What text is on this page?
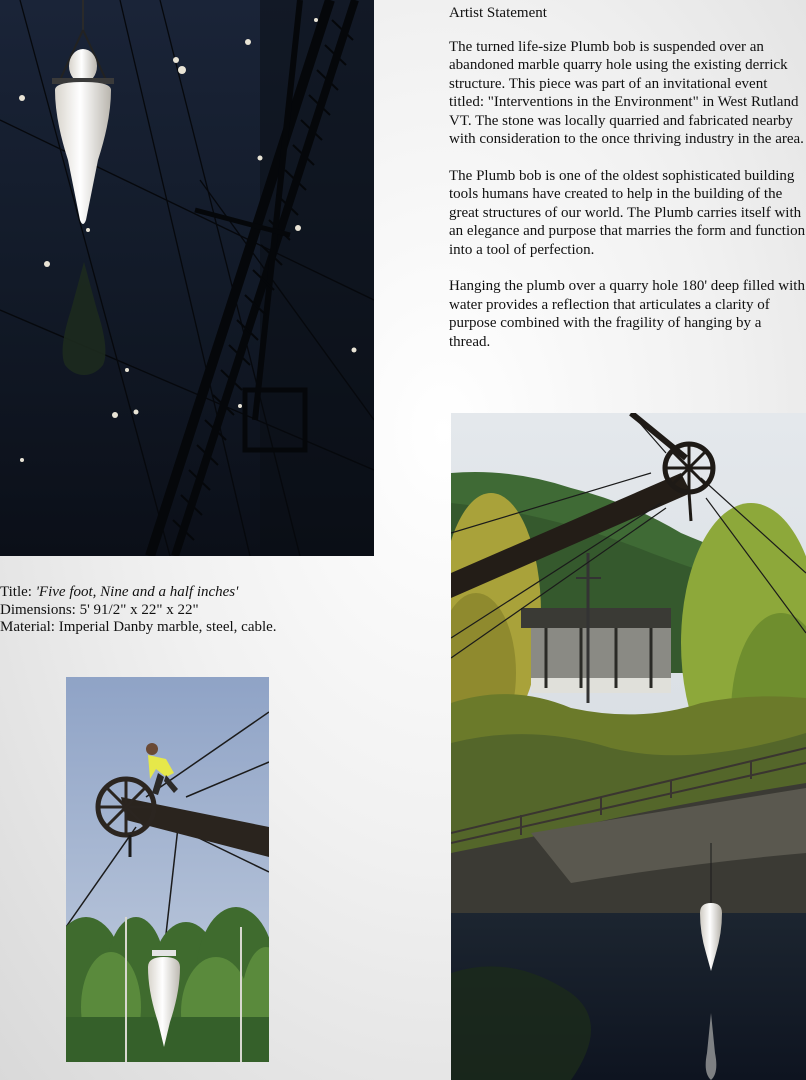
Artist Statement

The turned life-size Plumb bob is suspended over an abandoned marble quarry hole using the existing derrick structure. This piece was part of an invitational event titled: "Interventions in the Environment" in West Rutland VT. The stone was locally quarried and fabricated nearby with consideration to the once thriving industry in the area.

The Plumb bob is one of the oldest sophisticated building tools humans have created to help in the building of the great structures of our world. The Plumb carries itself with an elegance and purpose that marries the form and function into a tool of perfection.

Hanging the plumb over a quarry hole 180' deep filled with water provides a reflection that articulates a clarity of purpose combined with the fragility of hanging by a thread.

Title: 'Five foot, Nine and a half inches'
Dimensions: 5' 91/2" x 22" x 22"
Material: Imperial Danby marble, steel, cable.
